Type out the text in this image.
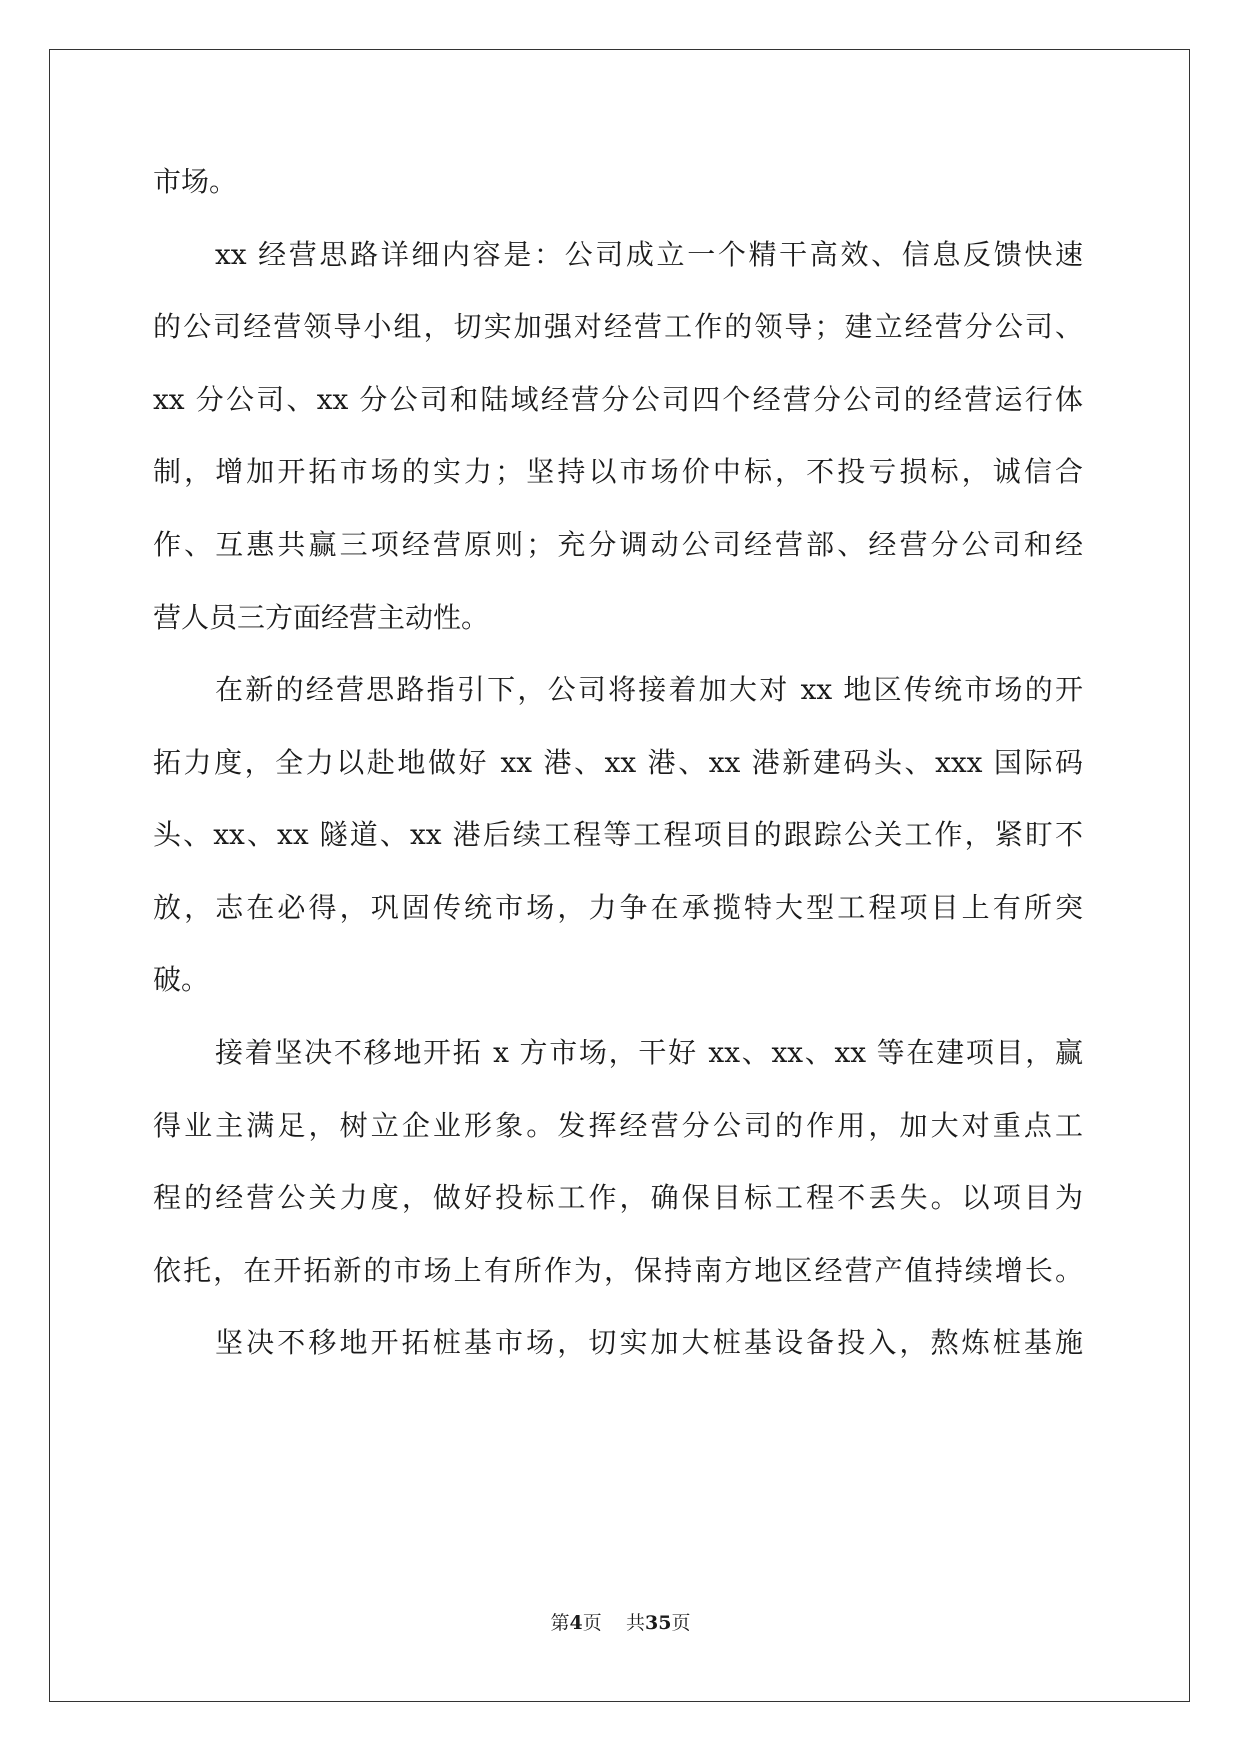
市场。
xx 经营思路详细内容是：公司成立一个精干高效、信息反馈快速
的公司经营领导小组，切实加强对经营工作的领导；建立经营分公司、
xx 分公司、xx 分公司和陆域经营分公司四个经营分公司的经营运行体
制，增加开拓市场的实力；坚持以市场价中标，不投亏损标，诚信合
作、互惠共赢三项经营原则；充分调动公司经营部、经营分公司和经
营人员三方面经营主动性。
在新的经营思路指引下，公司将接着加大对 xx 地区传统市场的开
拓力度，全力以赴地做好 xx 港、xx 港、xx 港新建码头、xxx 国际码
头、xx、xx 隧道、xx 港后续工程等工程项目的跟踪公关工作，紧盯不
放，志在必得，巩固传统市场，力争在承揽特大型工程项目上有所突
破。
接着坚决不移地开拓 x 方市场，干好 xx、xx、xx 等在建项目，赢
得业主满足，树立企业形象。发挥经营分公司的作用，加大对重点工
程的经营公关力度，做好投标工作，确保目标工程不丢失。以项目为
依托，在开拓新的市场上有所作为，保持南方地区经营产值持续增长。
坚决不移地开拓桩基市场，切实加大桩基设备投入，熬炼桩基施
第4页 共35页
